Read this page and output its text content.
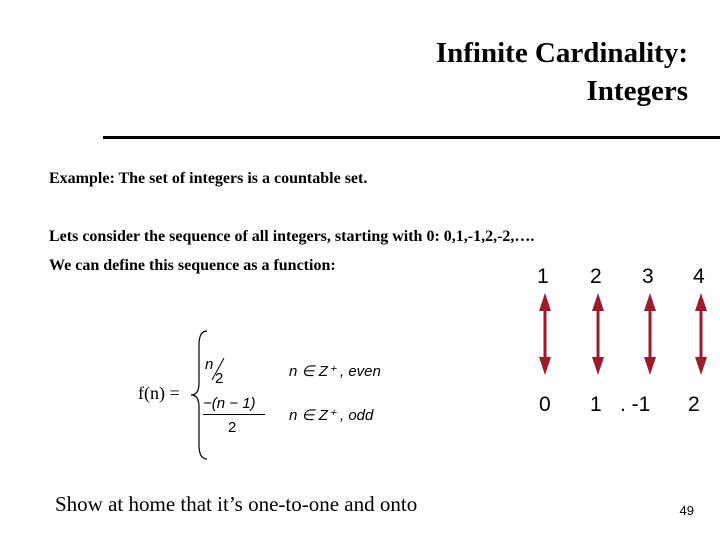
Infinite Cardinality:
Integers
Example: The set of integers is a countable set.
Lets consider the sequence of all integers, starting with 0: 0,1,-1,2,-2,….
We can define this sequence as a function:
f(n) =
n
2	n ∈ Z⁺ , even
−(n − 1)
2
n ∈ Z⁺ , odd
1 2 3 4
0 1 . -1 2
Show at home that it’s one-to-one and onto	49
